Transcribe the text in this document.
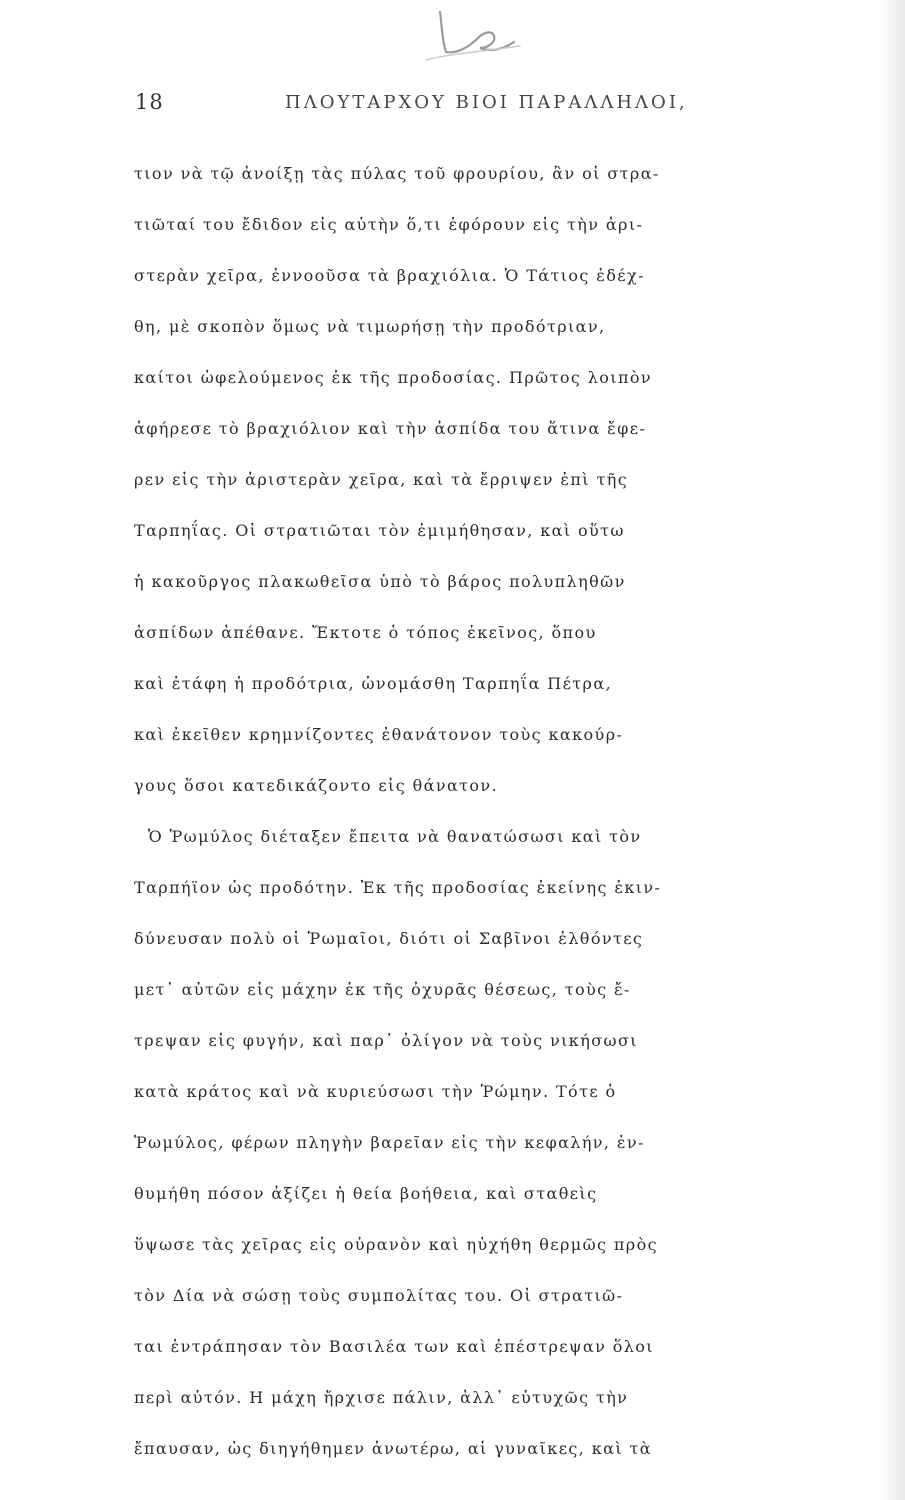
18	ΠΛΟΥΤΑΡΧΟΥ ΒΙΟΙ ΠΑΡΑΛΛΗΛΟΙ,
τιον νὰ τῷ ἀνοίξῃ τὰς πύλας τοῦ φρουρίου, ἂν οἱ στρα-
τιῶταί του ἔδιδον εἰς αὐτὴν ὅ,τι ἐφόρουν εἰς τὴν ἀρι-
στερὰν χεῖρα, ἐννοοῦσα τὰ βραχιόλια. Ὁ Τάτιος ἐδέχ-
θη, μὲ σκοπὸν ὅμως νὰ τιμωρήσῃ τὴν προδότριαν,
καίτοι ὠφελούμενος ἐκ τῆς προδοσίας. Πρῶτος λοιπὸν
ἀφήρεσε τὸ βραχιόλιον καὶ τὴν ἀσπίδα του ἅτινα ἔφε-
ρεν εἰς τὴν ἀριστερὰν χεῖρα, καὶ τὰ ἔρριψεν ἐπὶ τῆς
Ταρπηΐας. Οἱ στρατιῶται τὸν ἐμιμήθησαν, καὶ οὕτω
ἡ κακοῦργος πλακωθεῖσα ὑπὸ τὸ βάρος πολυπληθῶν
ἀσπίδων ἀπέθανε. Ἔκτοτε ὁ τόπος ἐκεῖνος, ὅπου
καὶ ἐτάφη ἡ προδότρια, ὠνομάσθη Ταρπηΐα Πέτρα,
καὶ ἐκεῖθεν κρημνίζοντες ἐθανάτονον τοὺς κακούρ-
γους ὅσοι κατεδικάζοντο εἰς θάνατον.
Ὁ Ῥωμύλος διέταξεν ἔπειτα νὰ θανατώσωσι καὶ τὸν
Ταρπήϊον ὡς προδότην. Ἐκ τῆς προδοσίας ἐκείνης ἐκιν-
δύνευσαν πολὺ οἱ Ῥωμαῖοι, διότι οἱ Σαβῖνοι ἐλθόντες
μετ᾽ αὐτῶν εἰς μάχην ἐκ τῆς ὀχυρᾶς θέσεως, τοὺς ἔ-
τρεψαν εἰς φυγήν, καὶ παρ᾽ ὀλίγον νὰ τοὺς νικήσωσι
κατὰ κράτος καὶ νὰ κυριεύσωσι τὴν Ῥώμην. Τότε ὁ
Ῥωμύλος, φέρων πληγὴν βαρεῖαν εἰς τὴν κεφαλήν, ἐν-
θυμήθη πόσον ἀξίζει ἡ θεία βοήθεια, καὶ σταθεὶς
ὕψωσε τὰς χεῖρας εἰς οὐρανὸν καὶ ηὐχήθη θερμῶς πρὸς
τὸν Δία νὰ σώσῃ τοὺς συμπολίτας του. Οἱ στρατιῶ-
ται ἐντράπησαν τὸν Βασιλέα των καὶ ἐπέστρεψαν ὅλοι
περὶ αὐτόν. Η μάχη ἤρχισε πάλιν, ἀλλ᾽ εὐτυχῶς τὴν
ἔπαυσαν, ὡς διηγήθημεν ἀνωτέρω, αἱ γυναῖκες, καὶ τὰ
